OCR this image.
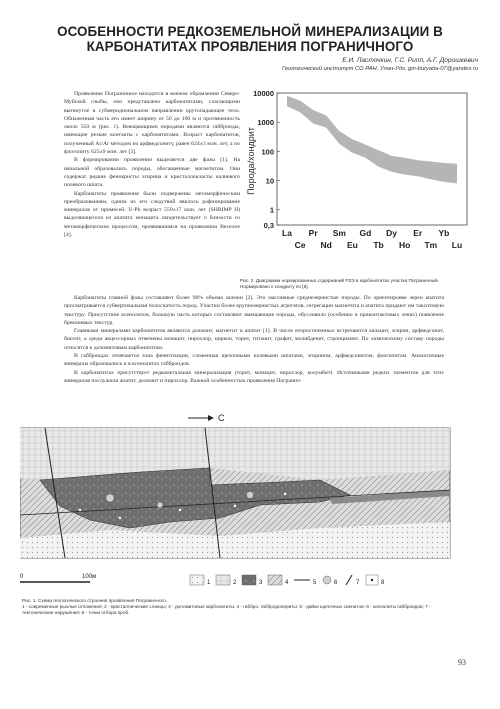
ОСОБЕННОСТИ РЕДКОЗЕМЕЛЬНОЙ МИНЕРАЛИЗАЦИИ В
КАРБОНАТИТАХ ПРОЯВЛЕНИЯ ПОГРАНИЧНОГО
Е.И. Ласточкин, Г.С. Рипп, А.Г. Дорошкевич
Геологический институт СО РАН, Улан-Удэ, gin-buryatia-07@yandex.ru

Проявление Пограничное находится в южном обрамлении Северо-Муйской глыбы, оно представлено карбонатитами, слагающими вытянутое в субмеридиональном направлении крутопадающее тело. Обнаженная часть его имеет ширину от 50 до 100 м и протяженность около 550 м (рис. 1). Вмещающими породами являются габброиды, имеющие резкие контакты с карбонатитами. Возраст карбонатитов, полученный Ar/Ar методом по арфведсониту, равен 624±3 млн. лет, а по флогопиту 625±9 млн. лет [3].

В формировании проявления выделяется две фазы [1]. На начальной образовались породы, обогащенные магнетитом. Они содержат редкие фенокристы эгирина и кристаллокласты калиевого полевого шпата.

Карбонатиты проявления были подвержены метаморфическим преобразованиям, одним из его следствий явилось рафинирование минералов от примесей. U-Pb возраст 559±17 млн. лет (SHRIMP II) выделяющегося из апатита монацита свидетельствует о близости со метаморфическим процессом, проявившимся на проявлении Веселое [4].

Порода/хондрит
10000
1000
100
10
1
0,3
La
Ce
Pr
Nd
Sm
Eu
Gd
Tb
Dy
Ho
Er
Tm
Yb
Lu
Рис. 2. Диаграмма нормированных содержаний РЗЭ в карбонатитах участка Пограничный. Нормировано к хондриту по [8].

Карбонатиты главной фазы составляют более 90% объема залежи [2]. Это массивные среднезернистые породы. По ориентировке зерен апатита просматривается субвертикальная полосчатость пород. Участки более крупнозернистых агрегатов, сегрегации магнетита и апатита придают им такситовую текстуру. Присутствие ксенолитов, большую часть которых составляют вмещающие породы, обусловило (особенно в приконтактовых зонах) появление брекчиевых текстур.

Главными минералами карбонатитов являются доломит, магнетит и апатит [1]. В числе второстепенных встречаются кальцит, эгирин, арфведсонит, биотит, а среди акцессорных отмечены монацит, пирохлор, циркон, торит, титанит, графит, молибденит, стронцианит. По химическому составу породы относятся к доломитовым карбонатитам.

В габброидах отмечается зона фенитизации, сложенная щелочными полевыми шпатами, эгирином, арфведсонитом, флогопитом. Аналогичные минералы образовались и в ксенолитах габброидов.

В карбонатитах присутствует редкометальная минерализация (торит, монацит, пирохлор, колумбит). Источниками редких элементов для этих минералов послужили апатит, доломит и пирохлор. Важной особенностью проявления Погранич-

С
0	100м
1	2	3	4	5	6	7	8
Рис. 1. Схема геологического строения проявления Пограничного.
1 - современные рыхлые отложения; 2 - кристаллические сланцы; 3 - доломитовые карбонатиты; 4 - габбро, габбродолериты; 5 - дайки щелочных сиенитов; 6 - ксенолиты габброидов; 7 - тектонические нарушения; 8 - точки отбора проб.
93
